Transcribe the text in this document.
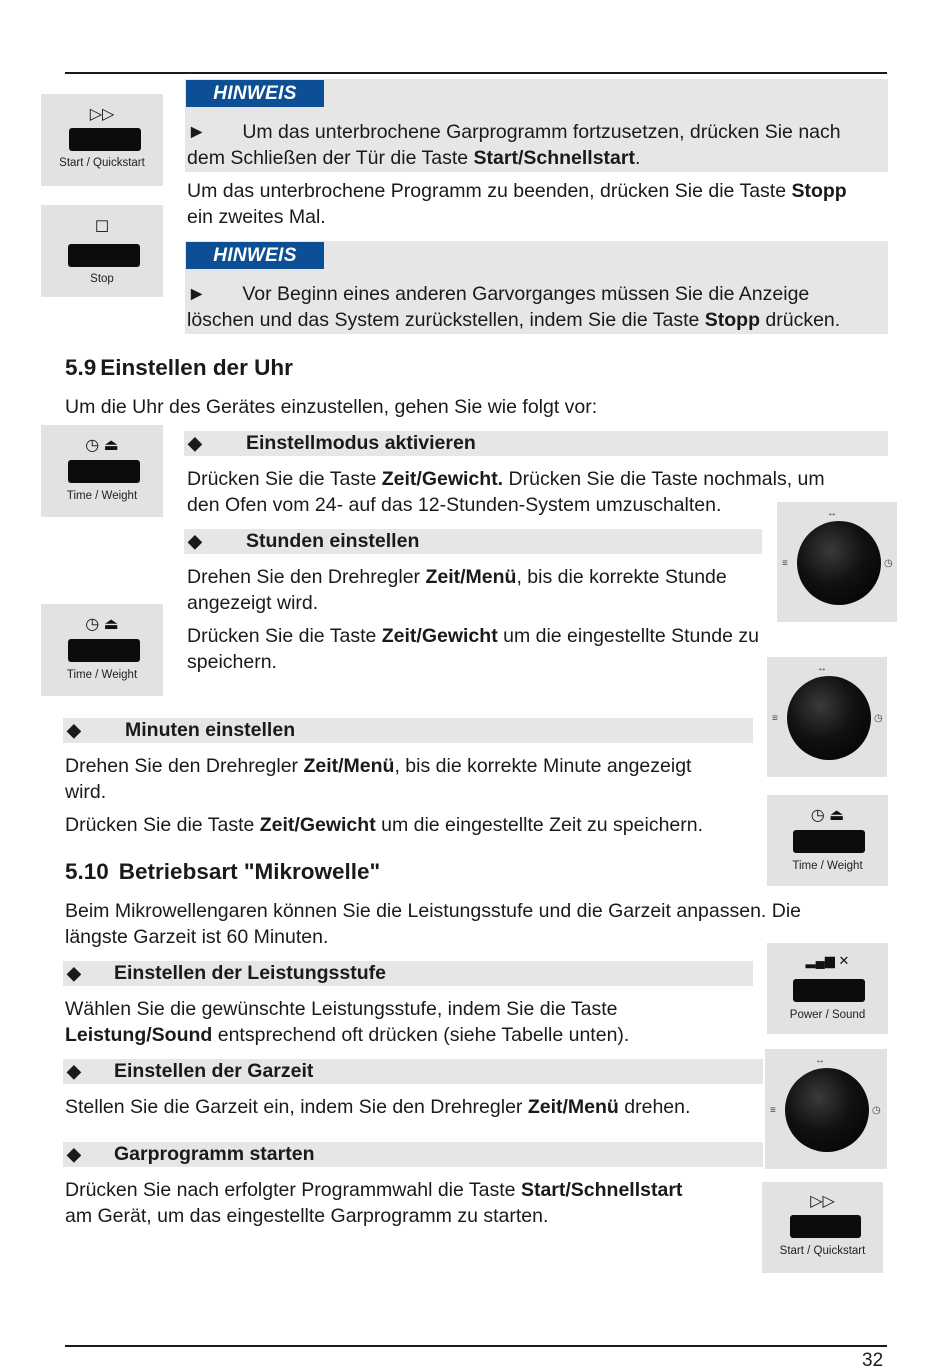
▷▷
Start / Quickstart
☐
Stop
HINWEIS
► Um das unterbrochene Garprogramm fortzusetzen, drücken Sie nach
dem Schließen der Tür die Taste Start/Schnellstart.
Um das unterbrochene Programm zu beenden, drücken Sie die Taste Stopp
ein zweites Mal.
HINWEIS
► Vor Beginn eines anderen Garvorganges müssen Sie die Anzeige
löschen und das System zurückstellen, indem Sie die Taste Stopp drücken.
5.9 Einstellen der Uhr
Um die Uhr des Gerätes einzustellen, gehen Sie wie folgt vor:
◷ ⏏
Time / Weight
◆ Einstellmodus aktivieren
Drücken Sie die Taste Zeit/Gewicht. Drücken Sie die Taste nochmals, um
den Ofen vom 24- auf das 12-Stunden-System umzuschalten.	↔
≡	◷
◆ Stunden einstellen
Drehen Sie den Drehregler Zeit/Menü, bis die korrekte Stunde
angezeigt wird.
Drücken Sie die Taste Zeit/Gewicht um die eingestellte Stunde zu
speichern.
◷ ⏏
Time / Weight
↔
≡	◷
◆ Minuten einstellen
Drehen Sie den Drehregler Zeit/Menü, bis die korrekte Minute angezeigt
wird.
Drücken Sie die Taste Zeit/Gewicht um die eingestellte Zeit zu speichern.	◷ ⏏
Time / Weight
5.10 Betriebsart "Mikrowelle"
Beim Mikrowellengaren können Sie die Leistungsstufe und die Garzeit anpassen. Die
längste Garzeit ist 60 Minuten.
▂▄▆ ✕
Power / Sound
◆ Einstellen der Leistungsstufe
Wählen Sie die gewünschte Leistungsstufe, indem Sie die Taste
Leistung/Sound entsprechend oft drücken (siehe Tabelle unten).
↔
≡	◷
◆ Einstellen der Garzeit
Stellen Sie die Garzeit ein, indem Sie den Drehregler Zeit/Menü drehen.
◆ Garprogramm starten
Drücken Sie nach erfolgter Programmwahl die Taste Start/Schnellstart
am Gerät, um das eingestellte Garprogramm zu starten.
▷▷
Start / Quickstart
32
